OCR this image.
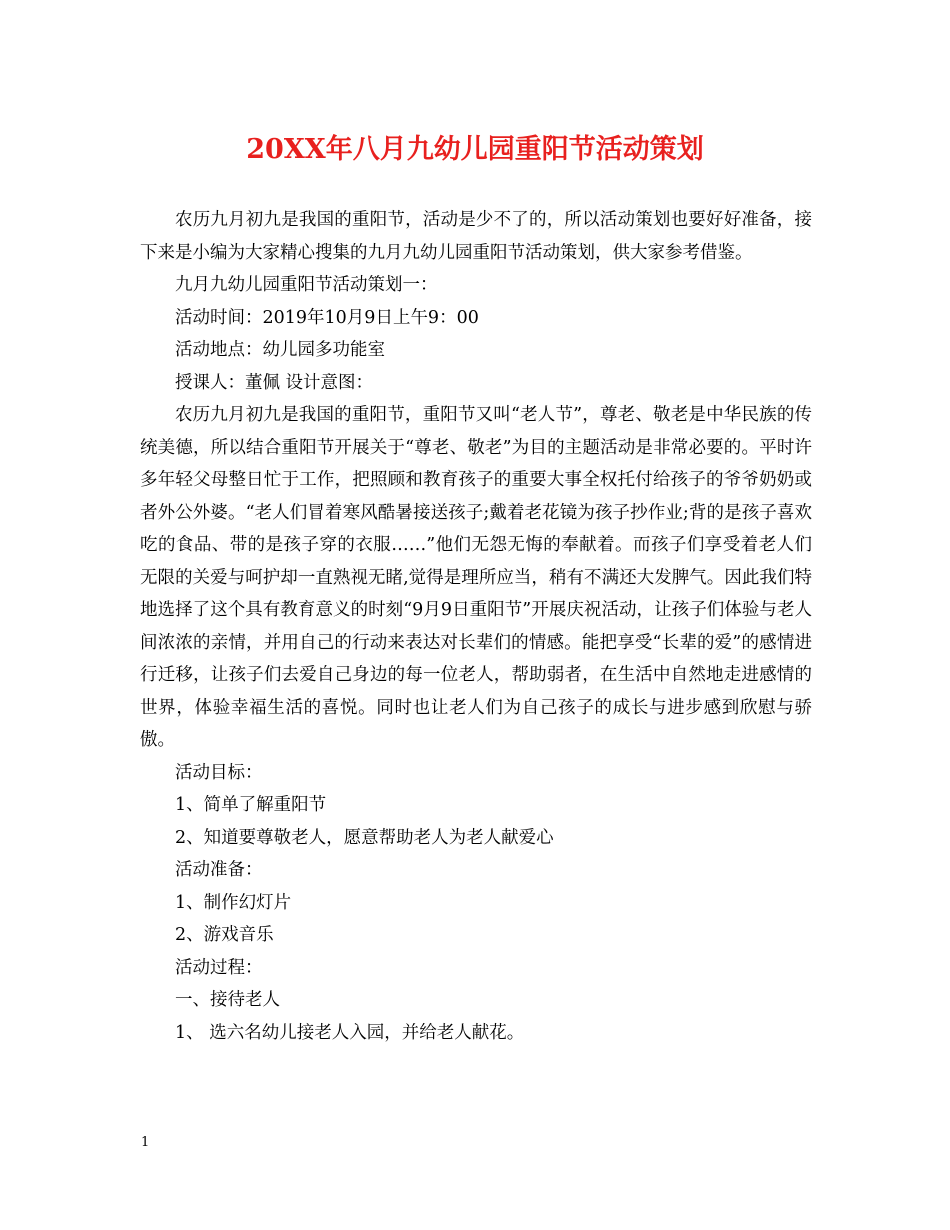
20XX年八月九幼儿园重阳节活动策划

农历九月初九是我国的重阳节，活动是少不了的，所以活动策划也要好好准备，接下来是小编为大家精心搜集的九月九幼儿园重阳节活动策划，供大家参考借鉴。

九月九幼儿园重阳节活动策划一：

活动时间：2019年10月9日上午9：00

活动地点：幼儿园多功能室

授课人：董佩 设计意图：

农历九月初九是我国的重阳节，重阳节又叫“老人节”，尊老、敬老是中华民族的传统美德，所以结合重阳节开展关于“尊老、敬老”为目的主题活动是非常必要的。平时许多年轻父母整日忙于工作，把照顾和教育孩子的重要大事全权托付给孩子的爷爷奶奶或者外公外婆。“老人们冒着寒风酷暑接送孩子;戴着老花镜为孩子抄作业;背的是孩子喜欢吃的食品、带的是孩子穿的衣服……”他们无怨无悔的奉献着。而孩子们享受着老人们无限的关爱与呵护却一直熟视无睹,觉得是理所应当，稍有不满还大发脾气。因此我们特地选择了这个具有教育意义的时刻“9月9日重阳节”开展庆祝活动，让孩子们体验与老人间浓浓的亲情，并用自己的行动来表达对长辈们的情感。能把享受“长辈的爱”的感情进行迁移，让孩子们去爱自己身边的每一位老人，帮助弱者，在生活中自然地走进感情的世界，体验幸福生活的喜悦。同时也让老人们为自己孩子的成长与进步感到欣慰与骄傲。

活动目标：

1、简单了解重阳节

2、知道要尊敬老人，愿意帮助老人为老人献爱心

活动准备：

1、制作幻灯片

2、游戏音乐

活动过程：

一、接待老人

1、 选六名幼儿接老人入园，并给老人献花。

1
